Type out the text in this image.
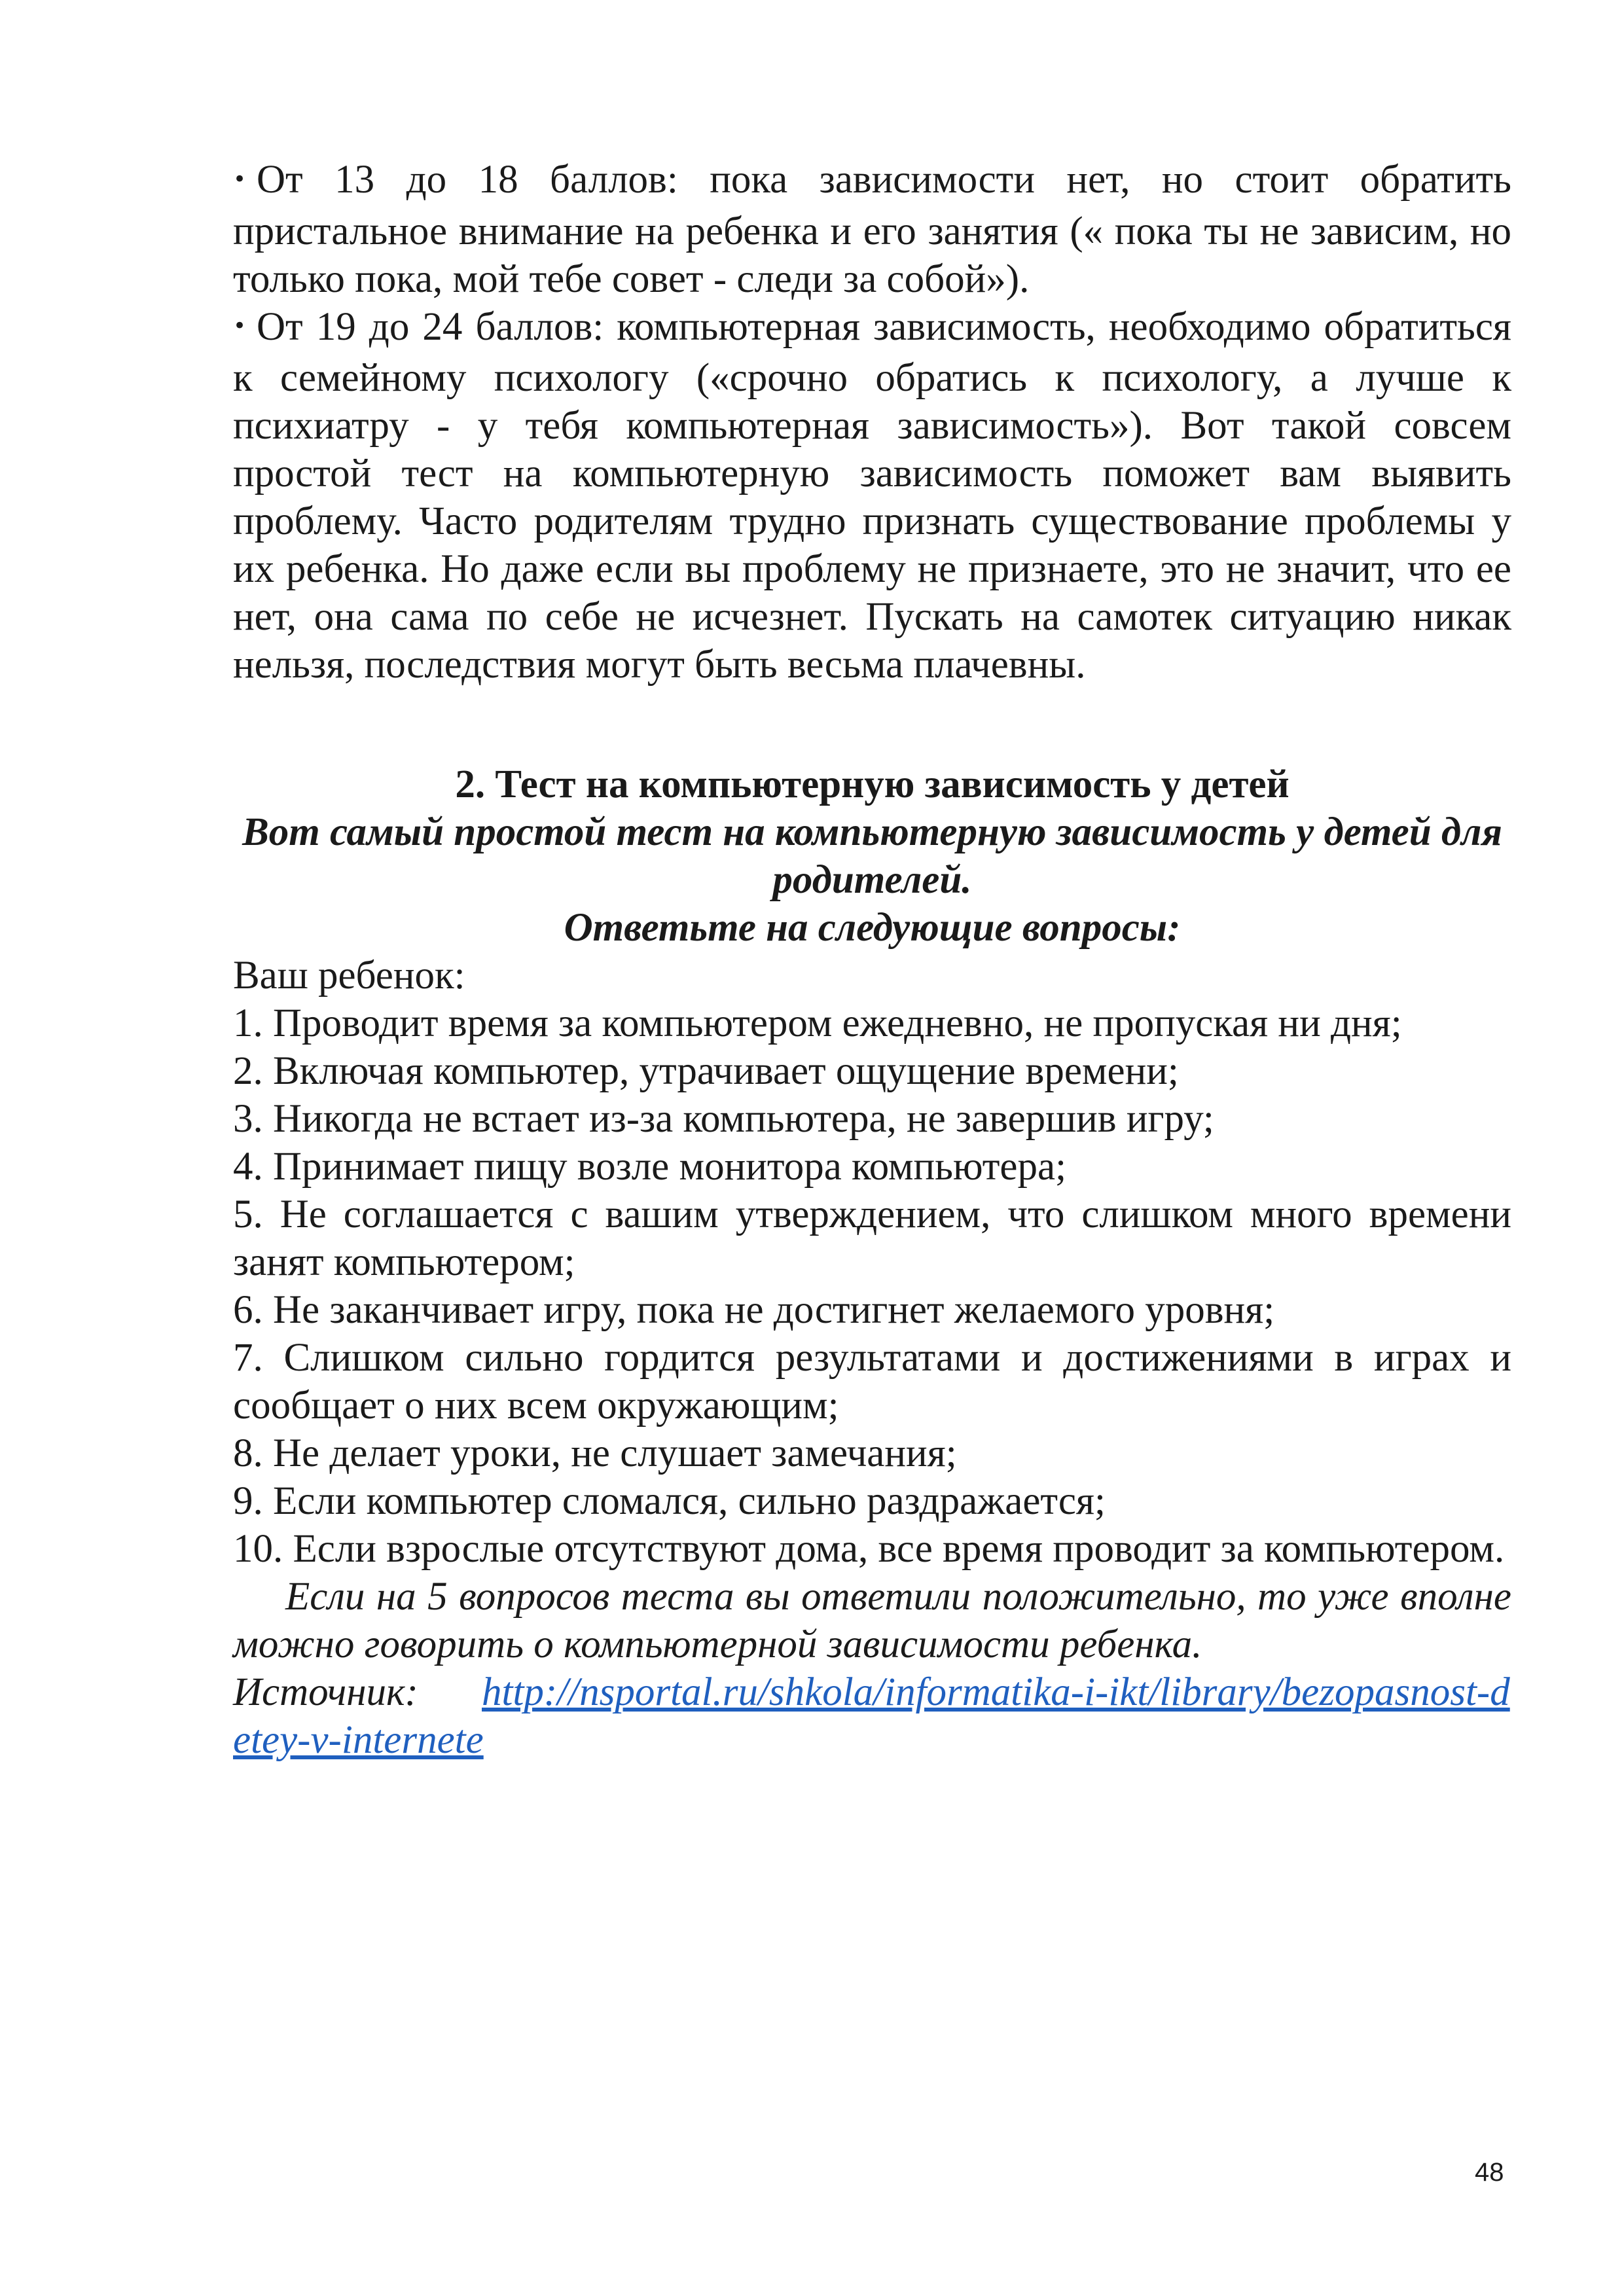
• От 13 до 18 баллов: пока зависимости нет, но стоит обратить пристальное внимание на ребенка и его занятия (« пока ты не зависим, но только пока, мой тебе совет - следи за собой»).

• От 19 до 24 баллов: компьютерная зависимость, необходимо обратиться к семейному психологу («срочно обратись к психологу, а лучше к психиатру - у тебя компьютерная зависимость»). Вот такой совсем простой тест на компьютерную зависимость поможет вам выявить проблему. Часто родителям трудно признать существование проблемы у их ребенка. Но даже если вы проблему не признаете, это не значит, что ее нет, она сама по себе не исчезнет. Пускать на самотек ситуацию никак нельзя, последствия могут быть весьма плачевны.

2. Тест на компьютерную зависимость у детей

Вот самый простой тест на компьютерную зависимость у детей для родителей.

Ответьте на следующие вопросы:

Ваш ребенок:

1. Проводит время за компьютером ежедневно, не пропуская ни дня;
2. Включая компьютер, утрачивает ощущение времени;
3. Никогда не встает из-за компьютера, не завершив игру;
4. Принимает пищу возле монитора компьютера;
5. Не соглашается с вашим утверждением, что слишком много времени занят компьютером;
6. Не заканчивает игру, пока не достигнет желаемого уровня;
7. Слишком сильно гордится результатами и достижениями в играх и сообщает о них всем окружающим;
8. Не делает уроки, не слушает замечания;
9. Если компьютер сломался, сильно раздражается;
10. Если взрослые отсутствуют дома, все время проводит за компьютером.

Если на 5 вопросов теста вы ответили положительно, то уже вполне можно говорить о компьютерной зависимости ребенка.

Источник: http://nsportal.ru/shkola/informatika-i-ikt/library/bezopasnost-detey-v-internete

48
